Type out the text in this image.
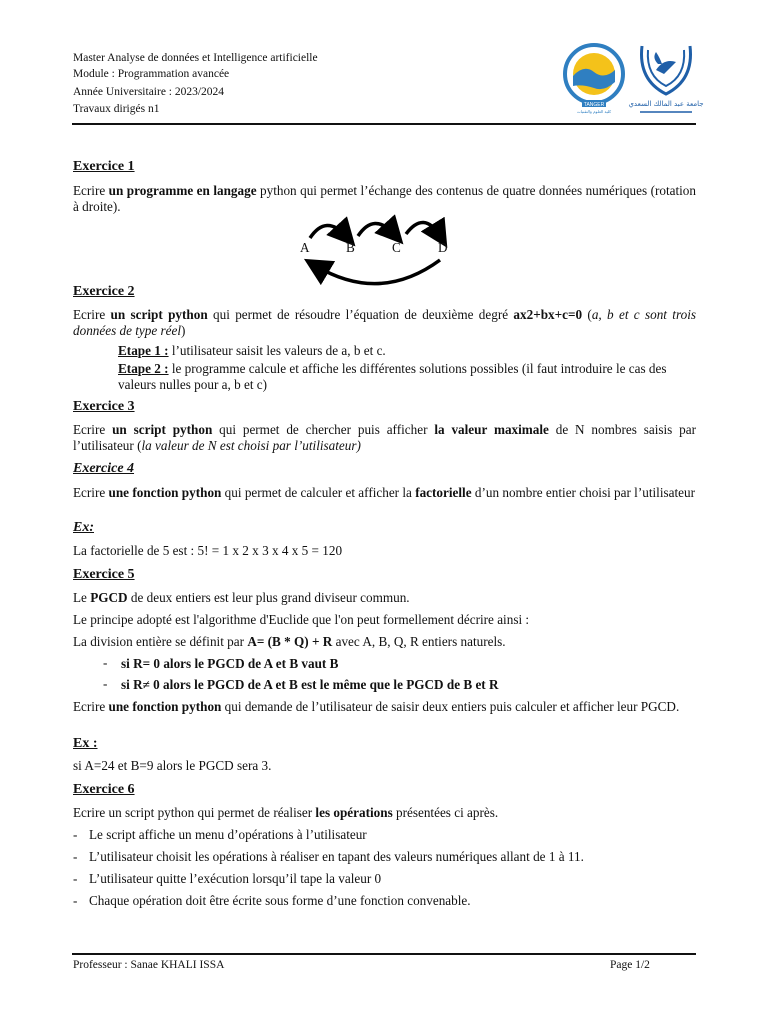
Master Analyse de données et Intelligence artificielle
Module : Programmation avancée
Année Universitaire : 2023/2024
Travaux dirigés n1	TANGER
كلية العلوم والتقنيات
جامعة عبد المالك السعدي
Exercice 1

Ecrire un programme en langage python qui permet l’échange des contenus de quatre données numériques (rotation à droite).

A	B	C	D
Exercice 2

Ecrire un script python qui permet de résoudre l’équation de deuxième degré ax2+bx+c=0 (a, b et c sont trois données de type réel)

Etape 1 : l’utilisateur saisit les valeurs de a, b et c.

Etape 2 : le programme calcule et affiche les différentes solutions possibles (il faut introduire le cas des valeurs nulles pour a, b et c)

Exercice 3

Ecrire un script python qui permet de chercher puis afficher la valeur maximale de N nombres saisis par l’utilisateur (la valeur de N est choisi par l’utilisateur)

Exercice 4

Ecrire une fonction python qui permet de calculer et afficher la factorielle d’un nombre entier choisi par l’utilisateur

Ex:

La factorielle de 5 est : 5! = 1 x 2 x 3 x 4 x 5 = 120

Exercice 5

Le PGCD de deux entiers est leur plus grand diviseur commun.

Le principe adopté est l'algorithme d'Euclide que l'on peut formellement décrire ainsi :

La division entière se définit par A= (B * Q) + R avec A, B, Q, R entiers naturels.

- si R= 0 alors le PGCD de A et B vaut B

- si R≠ 0 alors le PGCD de A et B est le même que le PGCD de B et R

Ecrire une fonction python qui demande de l’utilisateur de saisir deux entiers puis calculer et afficher leur PGCD.

Ex :

si A=24 et B=9 alors le PGCD sera 3.

Exercice 6

Ecrire un script python qui permet de réaliser les opérations présentées ci après.

- Le script affiche un menu d’opérations à l’utilisateur

- L’utilisateur choisit les opérations à réaliser en tapant des valeurs numériques allant de 1 à 11.

- L’utilisateur quitte l’exécution lorsqu’il tape la valeur 0

- Chaque opération doit être écrite sous forme d’une fonction convenable.

Professeur : Sanae KHALI ISSA	Page 1/2
